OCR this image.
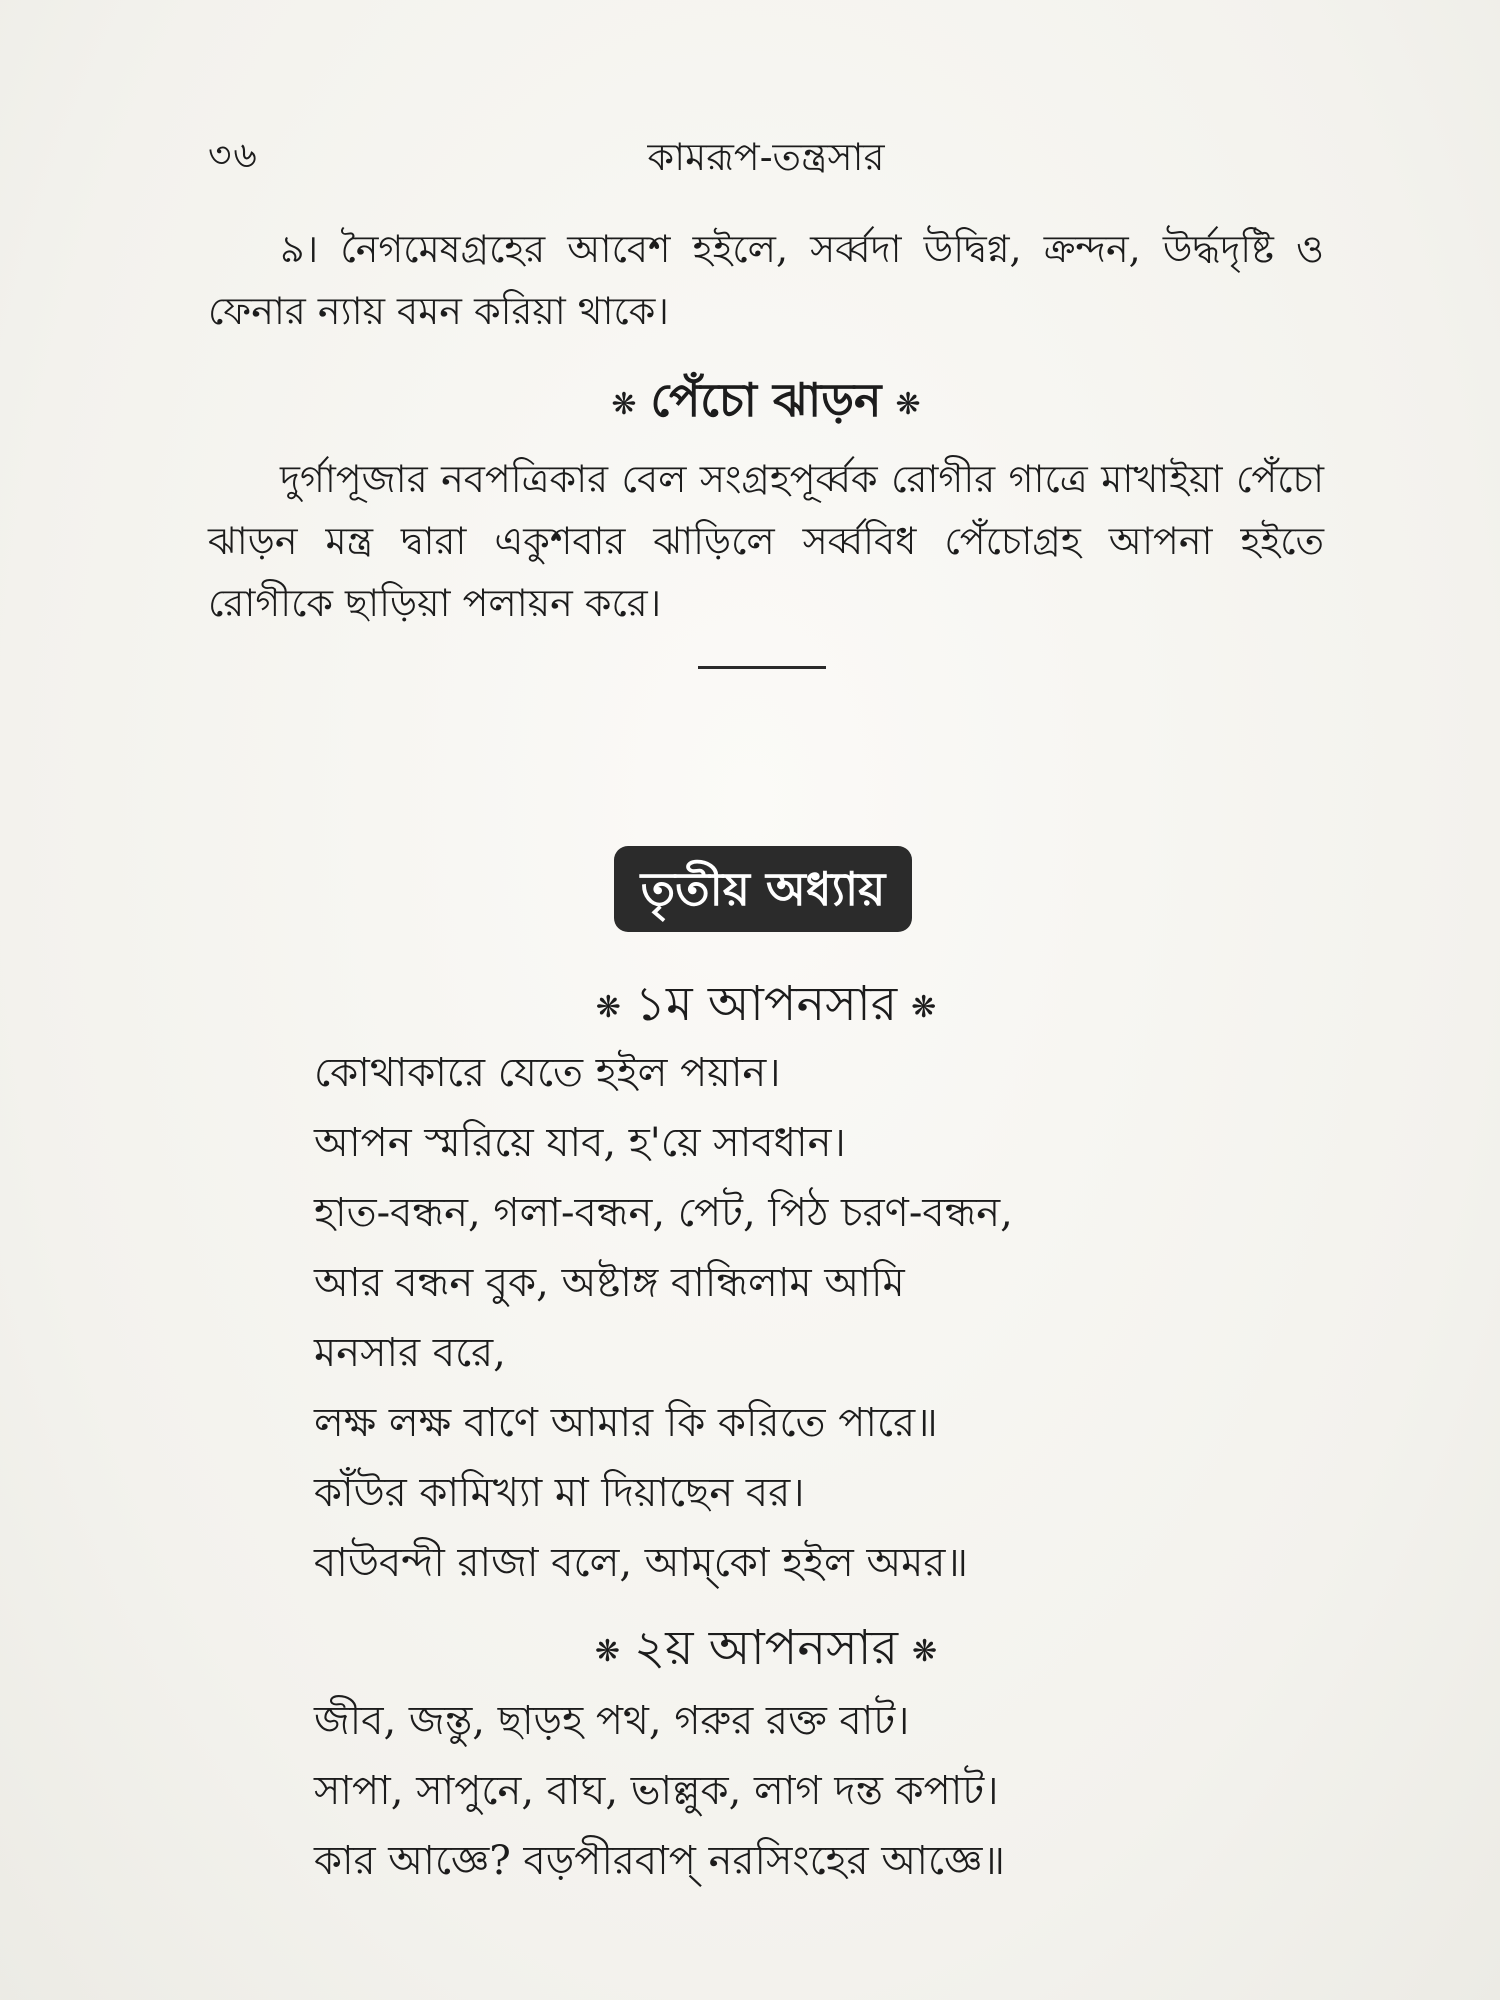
৩৬	কামরূপ-তন্ত্রসার

৯। নৈগমেষগ্রহের আবেশ হইলে, সর্ব্বদা উদ্বিগ্ন, ক্রন্দন, উর্দ্ধদৃষ্টি ও ফেনার ন্যায় বমন করিয়া থাকে।

❋ পেঁচো ঝাড়ন ❋

দুর্গাপূজার নবপত্রিকার বেল সংগ্রহপূর্ব্বক রোগীর গাত্রে মাখাইয়া পেঁচো ঝাড়ন মন্ত্র দ্বারা একুশবার ঝাড়িলে সর্ব্ববিধ পেঁচোগ্রহ আপনা হইতে রোগীকে ছাড়িয়া পলায়ন করে।

তৃতীয় অধ্যায়
❋ ১ম আপনসার ❋
কোথাকারে যেতে হইল পয়ান।
আপন স্মরিয়ে যাব, হ'য়ে সাবধান।
হাত-বন্ধন, গলা-বন্ধন, পেট, পিঠ চরণ-বন্ধন,
আর বন্ধন বুক, অষ্টাঙ্গ বান্ধিলাম আমি
মনসার বরে,
লক্ষ লক্ষ বাণে আমার কি করিতে পারে॥
কাঁউর কামিখ্যা মা দিয়াছেন বর।
বাউবন্দী রাজা বলে, আম্‌কো হইল অমর॥
❋ ২য় আপনসার ❋
জীব, জন্তু, ছাড়হ পথ, গরুর রক্ত বাট।
সাপা, সাপুনে, বাঘ, ভাল্লুক, লাগ দন্ত কপাট।
কার আজ্ঞে? বড়পীরবাপ্ নরসিংহের আজ্ঞে॥
